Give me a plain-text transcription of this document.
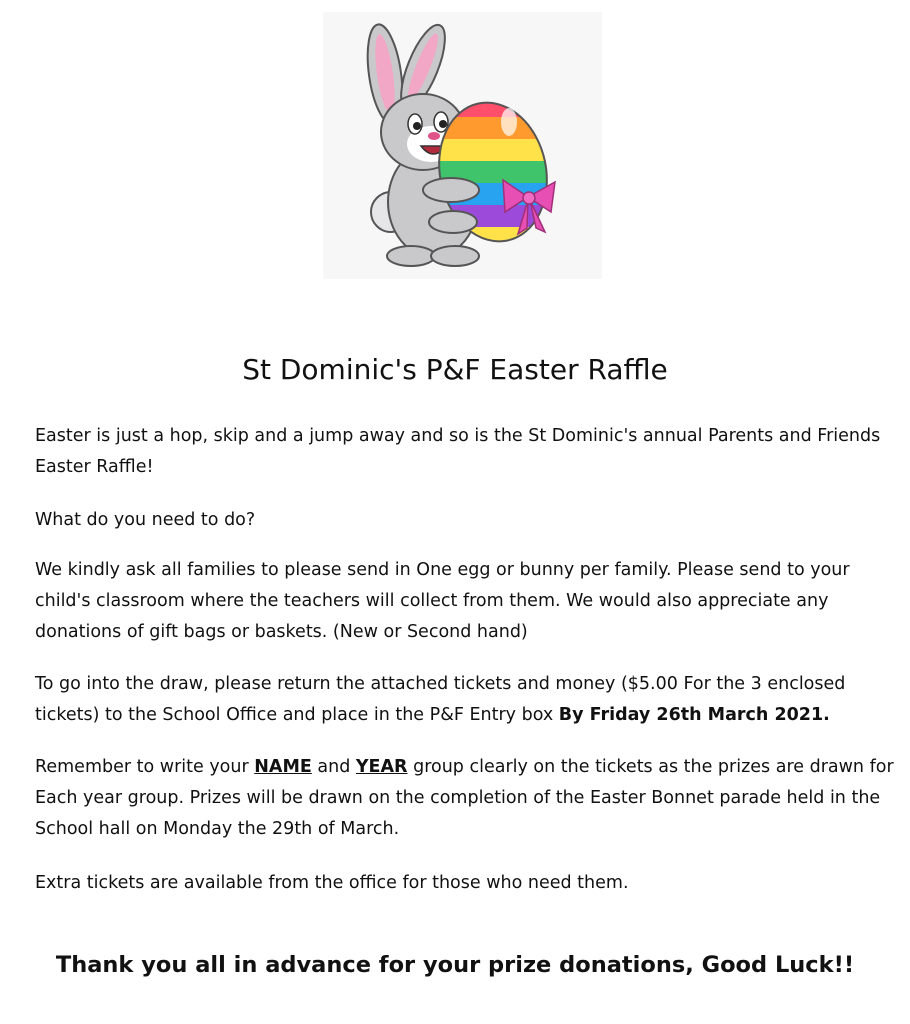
St Dominic's P&F Easter Raffle

Easter is just a hop, skip and a jump away and so is the St Dominic's annual Parents and Friends Easter Raffle!

What do you need to do?

We kindly ask all families to please send in One egg or bunny per family. Please send to your child's classroom where the teachers will collect from them. We would also appreciate any donations of gift bags or baskets. (New or Second hand)

To go into the draw, please return the attached tickets and money ($5.00 For the 3 enclosed tickets) to the School Office and place in the P&F Entry box By Friday 26th March 2021.

Remember to write your NAME and YEAR group clearly on the tickets as the prizes are drawn for Each year group. Prizes will be drawn on the completion of the Easter Bonnet parade held in the School hall on Monday the 29th of March.

Extra tickets are available from the office for those who need them.

Thank you all in advance for your prize donations, Good Luck!!
